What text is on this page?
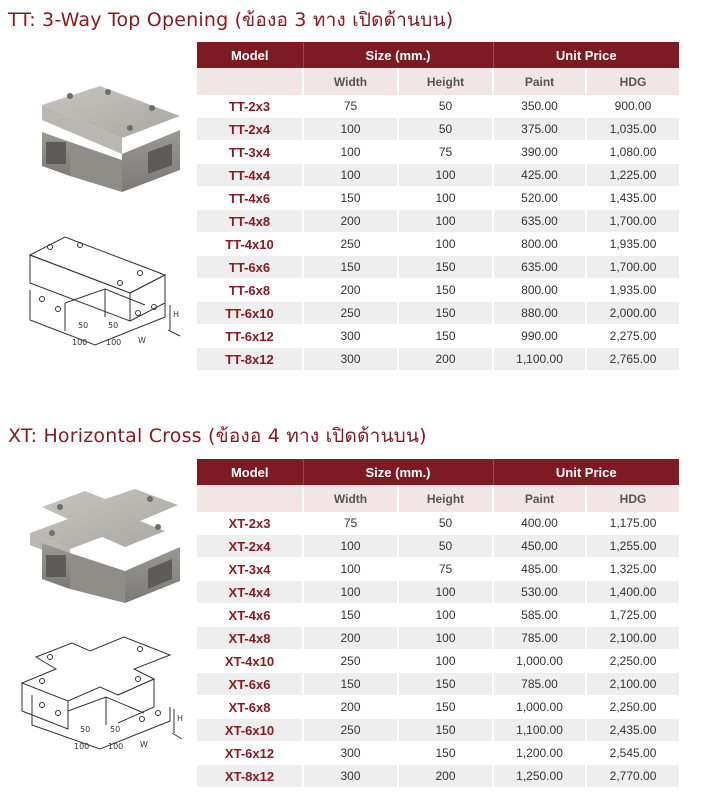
TT: 3-Way Top Opening (ข้องอ 3 ทาง เปิดด้านบน)
50 50
100 100 W
H
Model	Size (mm.)		Unit Price	
	Width	Height	Paint	HDG
TT-2x3	75	50	350.00	900.00
TT-2x4	100	50	375.00	1,035.00
TT-3x4	100	75	390.00	1,080.00
TT-4x4	100	100	425.00	1,225.00
TT-4x6	150	100	520.00	1,435.00
TT-4x8	200	100	635.00	1,700.00
TT-4x10	250	100	800.00	1,935.00
TT-6x6	150	150	635.00	1,700.00
TT-6x8	200	150	800.00	1,935.00
TT-6x10	250	150	880.00	2,000.00
TT-6x12	300	150	990.00	2,275.00
TT-8x12	300	200	1,100.00	2,765.00
XT: Horizontal Cross (ข้องอ 4 ทาง เปิดด้านบน)
50 50
100 100 W
H
Model	Size (mm.)		Unit Price	
	Width	Height	Paint	HDG
XT-2x3	75	50	400.00	1,175.00
XT-2x4	100	50	450.00	1,255.00
XT-3x4	100	75	485.00	1,325.00
XT-4x4	100	100	530.00	1,400.00
XT-4x6	150	100	585.00	1,725.00
XT-4x8	200	100	785.00	2,100.00
XT-4x10	250	100	1,000.00	2,250.00
XT-6x6	150	150	785.00	2,100.00
XT-6x8	200	150	1,000.00	2,250.00
XT-6x10	250	150	1,100.00	2,435.00
XT-6x12	300	150	1,200.00	2,545.00
XT-8x12	300	200	1,250.00	2,770.00
